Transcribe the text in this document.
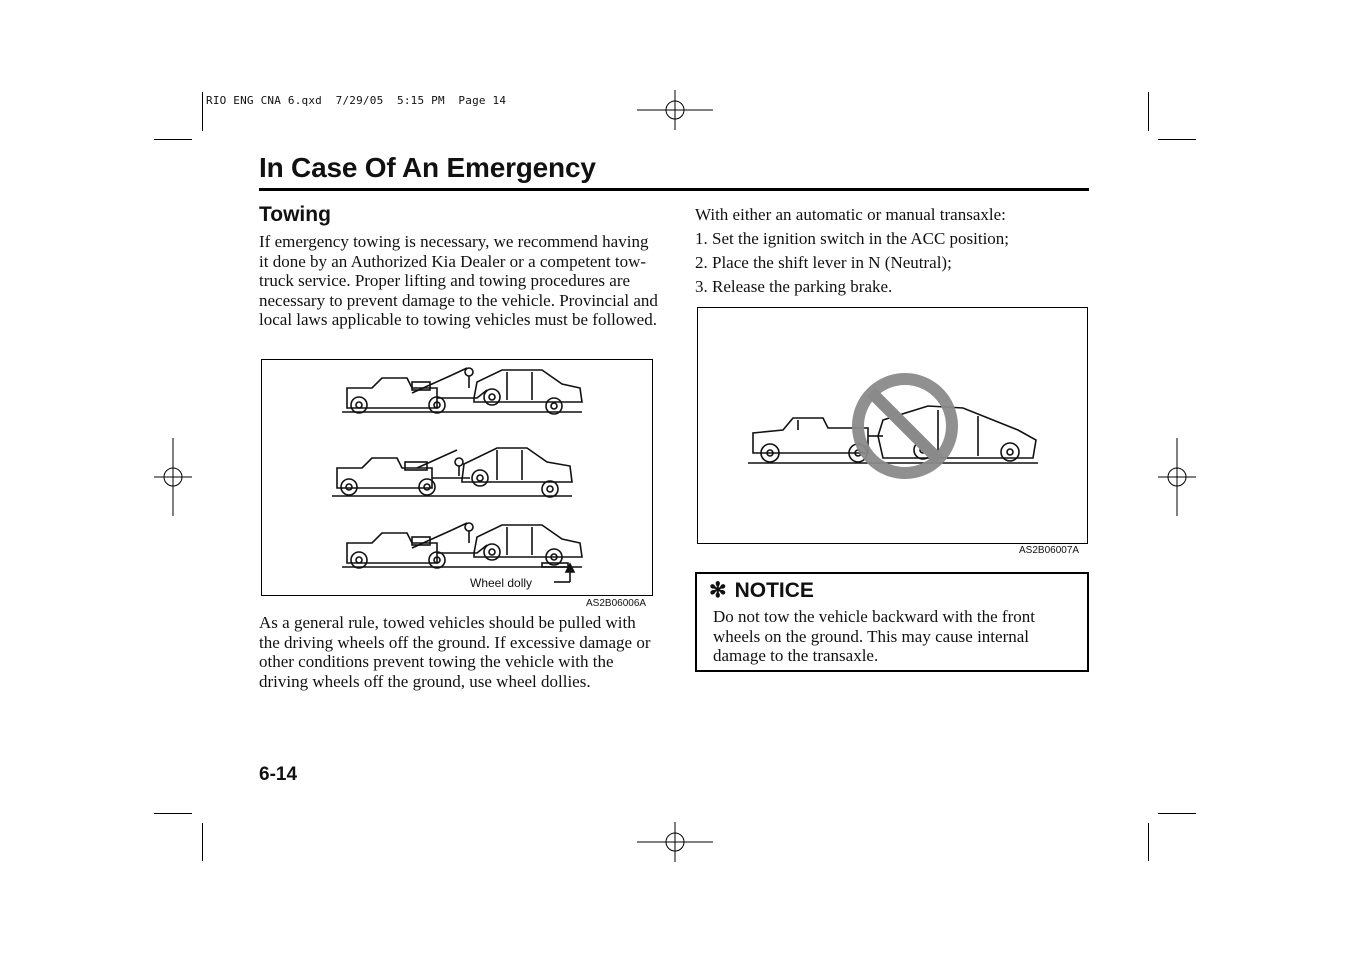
RIO ENG CNA 6.qxd  7/29/05  5:15 PM  Page 14
In Case Of An Emergency
Towing
If emergency towing is necessary, we recommend having it done by an Authorized Kia Dealer or a competent tow-truck service. Proper lifting and towing procedures are necessary to prevent damage to the vehicle. Provincial and local laws applicable to towing vehicles must be followed.
Wheel dolly
AS2B06006A
As a general rule, towed vehicles should be pulled with the driving wheels off the ground. If excessive damage or other conditions prevent towing the vehicle with the driving wheels off the ground, use wheel dollies.
With either an automatic or manual transaxle:
1. Set the ignition switch in the ACC position;
2. Place the shift lever in N (Neutral);
3. Release the parking brake.
AS2B06007A
✻ NOTICE
Do not tow the vehicle backward with the front wheels on the ground. This may cause internal damage to the transaxle.
6-14
